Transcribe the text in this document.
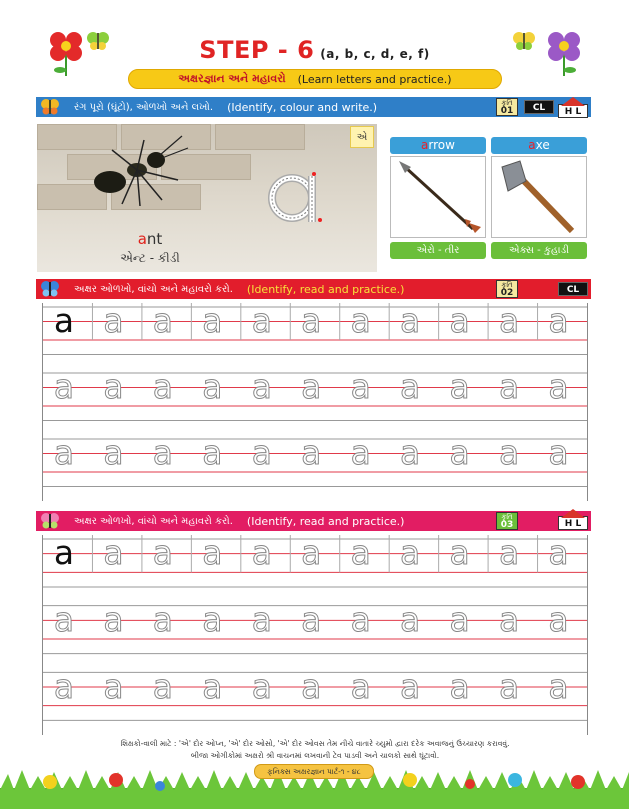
STEP - 6 (a, b, c, d, e, f)
અક્ષરજ્ઞાન અને મહાવરો (Learn letters and practice.)
રંગ પૂરો (ઘૂંટો), ઓળખો અને લખો. (Identify, colour and write.)	કૃતિ
01	CL	H L
ant
એન્ટ - કીડી
એ
arrow
એરો - તીર
axe
એક્સ - કુહાડી
અક્ષર ઓળખો, વાંચો અને મહાવરો કરો. (Identify, read and practice.)	કૃતિ
02	CL
a a a a a a a a a a a
a a a a a a a a a a a
a a a a a a a a a a a
અક્ષર ઓળખો, વાંચો અને મહાવરો કરો. (Identify, read and practice.)	કૃતિ
03	H L
a a a a a a a a a a a
a a a a a a a a a a a
a a a a a a a a a a a
શિક્ષકો-વાલી માટે : 'એ' દોર ઓપ્ન, 'એ' દોર ઓસો, 'એ' દોર ઓવસ તેમ નીચે વાતારે ચ્યુમો દ્વારા દરેક અવાજનું ઉચ્ચારણ કરાવવું.
બીજા ઓગીકોમાં અક્ષરો શ્રી વાચનમાં લખવાની ટેવ પાડવી અને ચાલકો સાથે ઘૂંટાવો.
ફનિક્સ અક્ષરજ્ઞાન પાર્ટ-૧ - ૪૮
